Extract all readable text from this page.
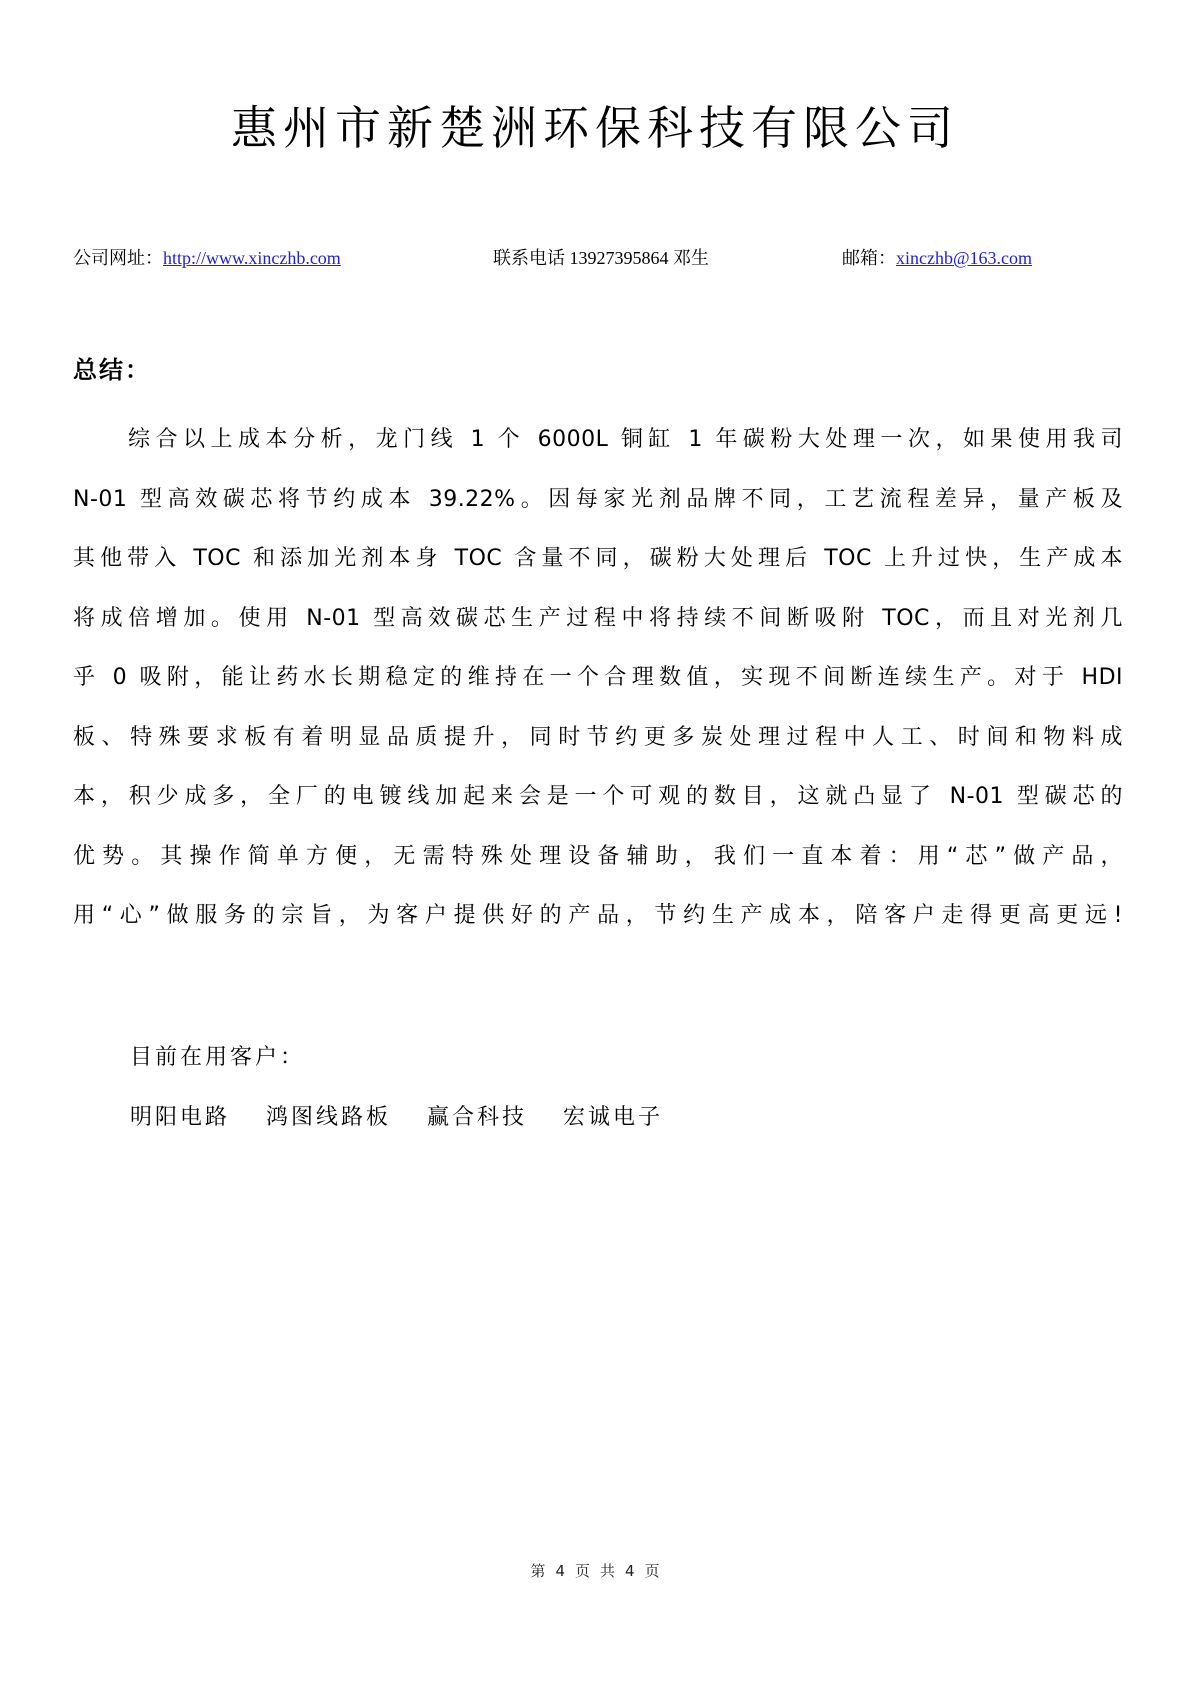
惠州市新楚洲环保科技有限公司
公司网址：http://www.xinczhb.com	联系电话 13927395864 邓生	邮箱：xinczhb@163.com
总结：
　　综合以上成本分析，龙门线 1 个 6000L 铜缸 1 年碳粉大处理一次，如果使用我司
N-01 型高效碳芯将节约成本 39.22%。因每家光剂品牌不同，工艺流程差异，量产板及
其他带入 TOC 和添加光剂本身 TOC 含量不同，碳粉大处理后 TOC 上升过快，生产成本
将成倍增加。使用 N-01 型高效碳芯生产过程中将持续不间断吸附 TOC，而且对光剂几
乎 0 吸附，能让药水长期稳定的维持在一个合理数值，实现不间断连续生产。对于 HDI
板、特殊要求板有着明显品质提升，同时节约更多炭处理过程中人工、时间和物料成
本，积少成多，全厂的电镀线加起来会是一个可观的数目，这就凸显了 N-01 型碳芯的
优势。其操作简单方便，无需特殊处理设备辅助，我们一直本着：用“芯”做产品，
用“心”做服务的宗旨，为客户提供好的产品，节约生产成本，陪客户走得更高更远!
目前在用客户：
明阳电路 鸿图线路板 赢合科技 宏诚电子
第 4 页 共 4 页
